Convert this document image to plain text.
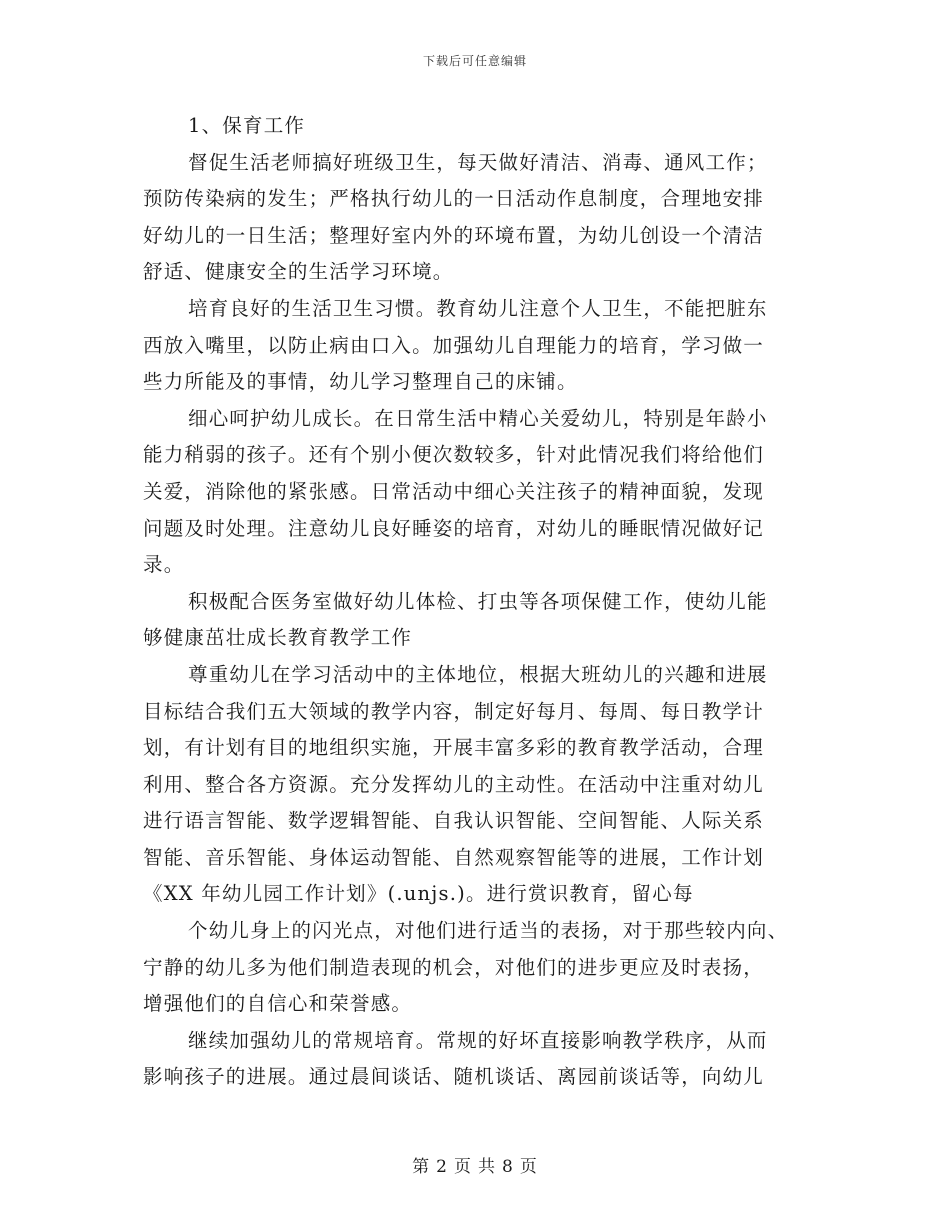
下载后可任意编辑
1、保育工作
督促生活老师搞好班级卫生，每天做好清洁、消毒、通风工作；
预防传染病的发生；严格执行幼儿的一日活动作息制度，合理地安排
好幼儿的一日生活；整理好室内外的环境布置，为幼儿创设一个清洁
舒适、健康安全的生活学习环境。
培育良好的生活卫生习惯。教育幼儿注意个人卫生，不能把脏东
西放入嘴里，以防止病由口入。加强幼儿自理能力的培育，学习做一
些力所能及的事情，幼儿学习整理自己的床铺。
细心呵护幼儿成长。在日常生活中精心关爱幼儿，特别是年龄小
能力稍弱的孩子。还有个别小便次数较多，针对此情况我们将给他们
关爱，消除他的紧张感。日常活动中细心关注孩子的精神面貌，发现
问题及时处理。注意幼儿良好睡姿的培育，对幼儿的睡眠情况做好记
录。
积极配合医务室做好幼儿体检、打虫等各项保健工作，使幼儿能
够健康茁壮成长教育教学工作
尊重幼儿在学习活动中的主体地位，根据大班幼儿的兴趣和进展
目标结合我们五大领域的教学内容，制定好每月、每周、每日教学计
划，有计划有目的地组织实施，开展丰富多彩的教育教学活动，合理
利用、整合各方资源。充分发挥幼儿的主动性。在活动中注重对幼儿
进行语言智能、数学逻辑智能、自我认识智能、空间智能、人际关系
智能、音乐智能、身体运动智能、自然观察智能等的进展，工作计划
《XX 年幼儿园工作计划》(.unjs.)。进行赏识教育，留心每
个幼儿身上的闪光点，对他们进行适当的表扬，对于那些较内向、
宁静的幼儿多为他们制造表现的机会，对他们的进步更应及时表扬，
增强他们的自信心和荣誉感。
继续加强幼儿的常规培育。常规的好坏直接影响教学秩序，从而
影响孩子的进展。通过晨间谈话、随机谈话、离园前谈话等，向幼儿
第 2 页 共 8 页
